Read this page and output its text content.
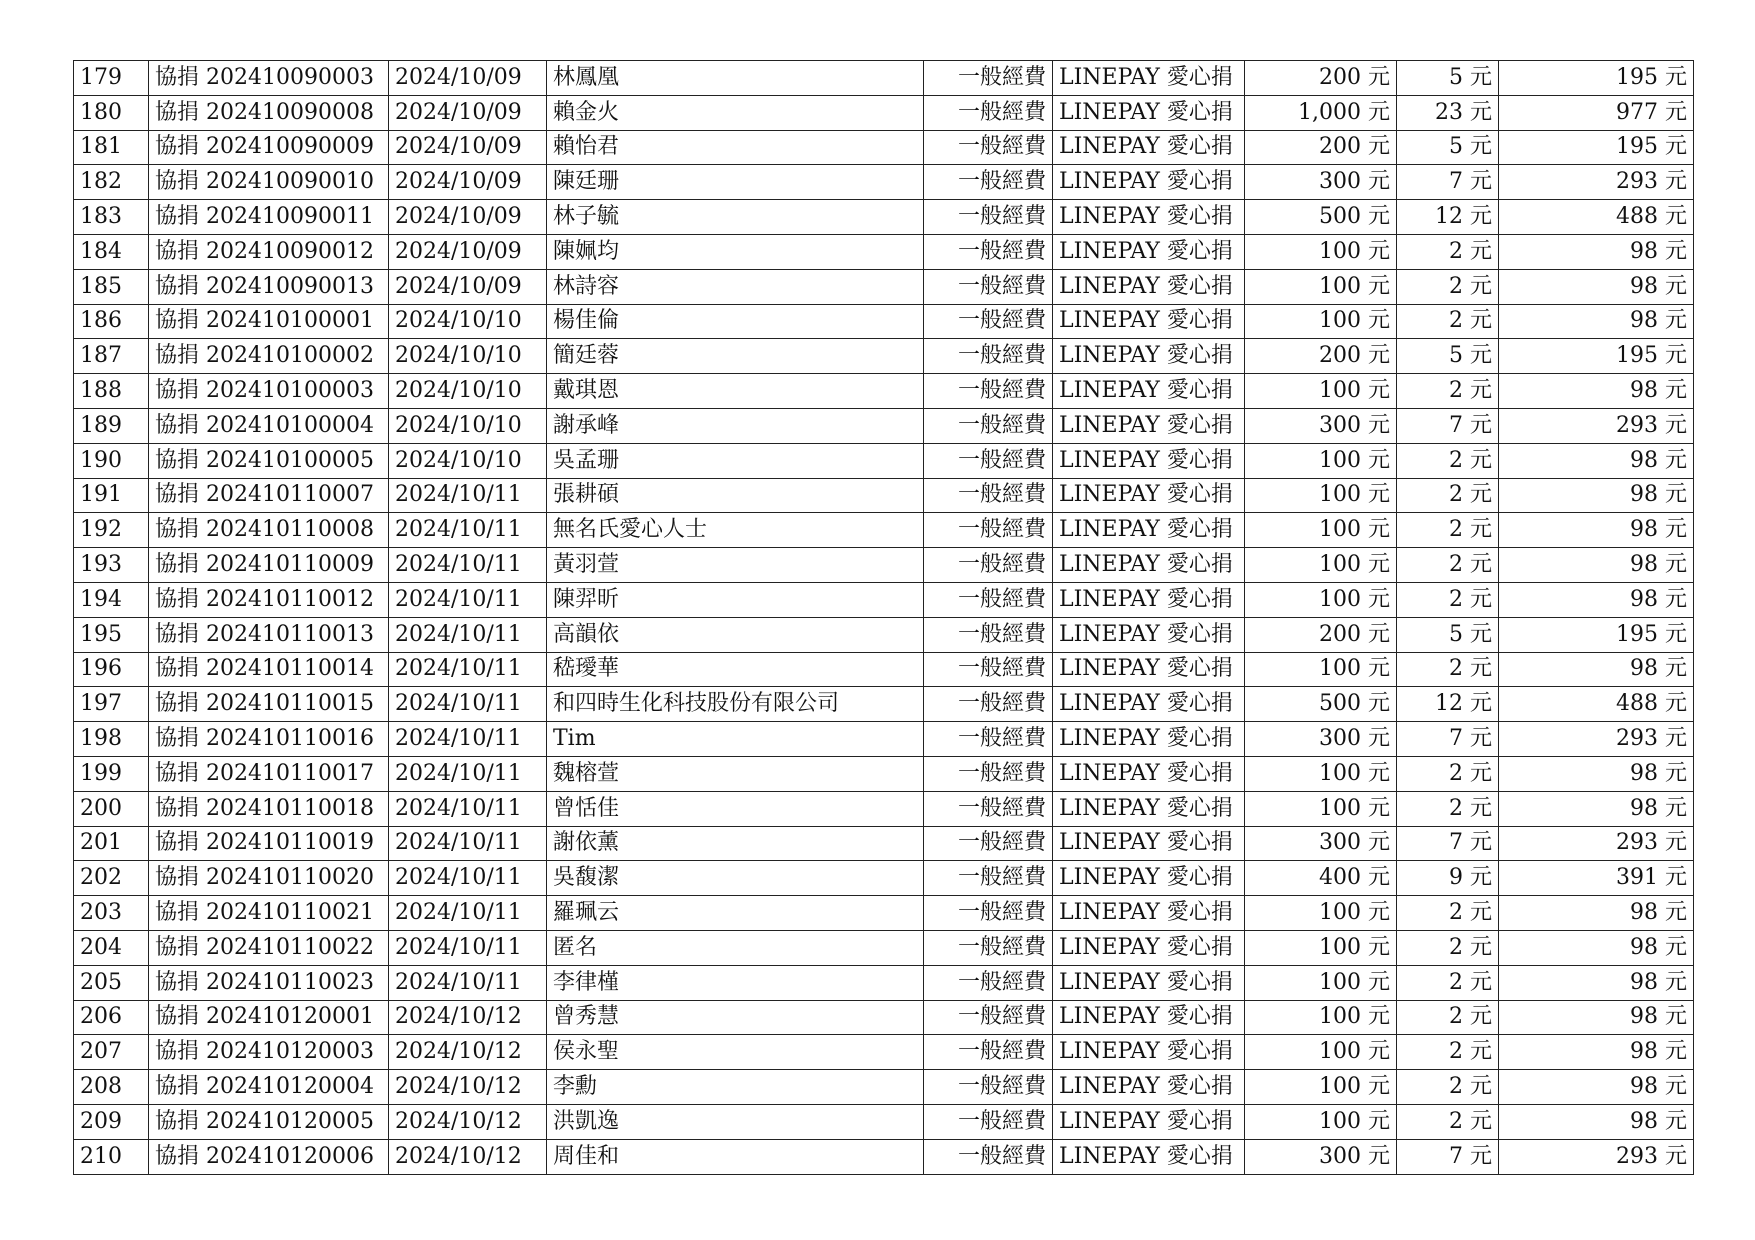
179	協捐 202410090003	2024/10/09	林鳳凰	一般經費	LINEPAY 愛心捐	200 元	5 元	195 元
180	協捐 202410090008	2024/10/09	賴金火	一般經費	LINEPAY 愛心捐	1,000 元	23 元	977 元
181	協捐 202410090009	2024/10/09	賴怡君	一般經費	LINEPAY 愛心捐	200 元	5 元	195 元
182	協捐 202410090010	2024/10/09	陳廷珊	一般經費	LINEPAY 愛心捐	300 元	7 元	293 元
183	協捐 202410090011	2024/10/09	林子毓	一般經費	LINEPAY 愛心捐	500 元	12 元	488 元
184	協捐 202410090012	2024/10/09	陳姵均	一般經費	LINEPAY 愛心捐	100 元	2 元	98 元
185	協捐 202410090013	2024/10/09	林詩容	一般經費	LINEPAY 愛心捐	100 元	2 元	98 元
186	協捐 202410100001	2024/10/10	楊佳倫	一般經費	LINEPAY 愛心捐	100 元	2 元	98 元
187	協捐 202410100002	2024/10/10	簡廷蓉	一般經費	LINEPAY 愛心捐	200 元	5 元	195 元
188	協捐 202410100003	2024/10/10	戴琪恩	一般經費	LINEPAY 愛心捐	100 元	2 元	98 元
189	協捐 202410100004	2024/10/10	謝承峰	一般經費	LINEPAY 愛心捐	300 元	7 元	293 元
190	協捐 202410100005	2024/10/10	吳孟珊	一般經費	LINEPAY 愛心捐	100 元	2 元	98 元
191	協捐 202410110007	2024/10/11	張耕碩	一般經費	LINEPAY 愛心捐	100 元	2 元	98 元
192	協捐 202410110008	2024/10/11	無名氏愛心人士	一般經費	LINEPAY 愛心捐	100 元	2 元	98 元
193	協捐 202410110009	2024/10/11	黃羽萱	一般經費	LINEPAY 愛心捐	100 元	2 元	98 元
194	協捐 202410110012	2024/10/11	陳羿昕	一般經費	LINEPAY 愛心捐	100 元	2 元	98 元
195	協捐 202410110013	2024/10/11	高韻依	一般經費	LINEPAY 愛心捐	200 元	5 元	195 元
196	協捐 202410110014	2024/10/11	嵇璦華	一般經費	LINEPAY 愛心捐	100 元	2 元	98 元
197	協捐 202410110015	2024/10/11	和四時生化科技股份有限公司	一般經費	LINEPAY 愛心捐	500 元	12 元	488 元
198	協捐 202410110016	2024/10/11	Tim	一般經費	LINEPAY 愛心捐	300 元	7 元	293 元
199	協捐 202410110017	2024/10/11	魏榕萱	一般經費	LINEPAY 愛心捐	100 元	2 元	98 元
200	協捐 202410110018	2024/10/11	曾恬佳	一般經費	LINEPAY 愛心捐	100 元	2 元	98 元
201	協捐 202410110019	2024/10/11	謝依薰	一般經費	LINEPAY 愛心捐	300 元	7 元	293 元
202	協捐 202410110020	2024/10/11	吳馥潔	一般經費	LINEPAY 愛心捐	400 元	9 元	391 元
203	協捐 202410110021	2024/10/11	羅珮云	一般經費	LINEPAY 愛心捐	100 元	2 元	98 元
204	協捐 202410110022	2024/10/11	匿名	一般經費	LINEPAY 愛心捐	100 元	2 元	98 元
205	協捐 202410110023	2024/10/11	李律槿	一般經費	LINEPAY 愛心捐	100 元	2 元	98 元
206	協捐 202410120001	2024/10/12	曾秀慧	一般經費	LINEPAY 愛心捐	100 元	2 元	98 元
207	協捐 202410120003	2024/10/12	侯永聖	一般經費	LINEPAY 愛心捐	100 元	2 元	98 元
208	協捐 202410120004	2024/10/12	李勳	一般經費	LINEPAY 愛心捐	100 元	2 元	98 元
209	協捐 202410120005	2024/10/12	洪凱逸	一般經費	LINEPAY 愛心捐	100 元	2 元	98 元
210	協捐 202410120006	2024/10/12	周佳和	一般經費	LINEPAY 愛心捐	300 元	7 元	293 元
